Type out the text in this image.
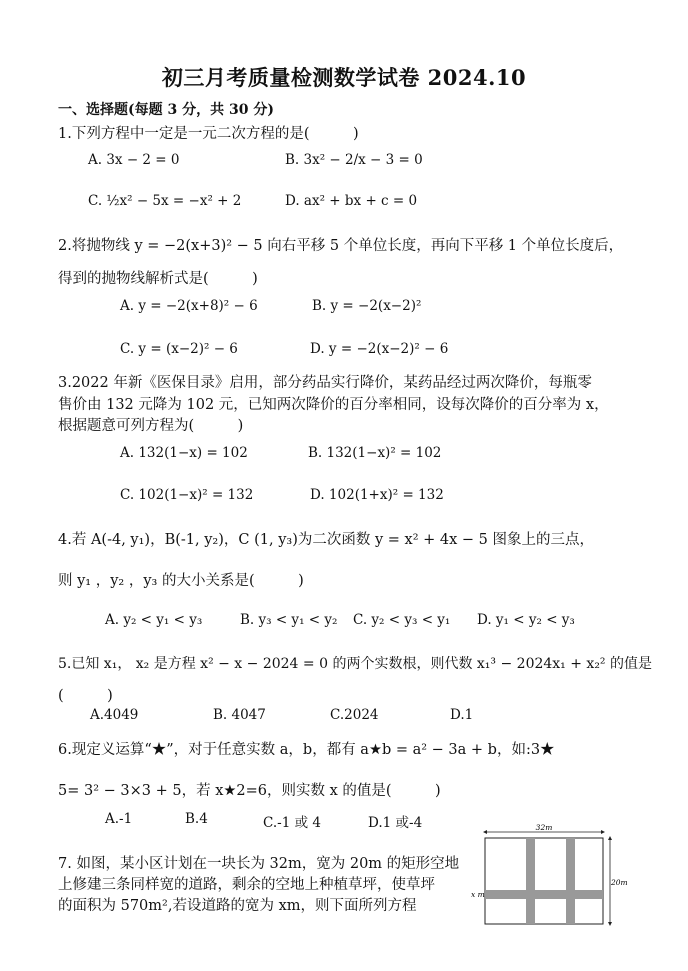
初三月考质量检测数学试卷 2024.10
一、选择题(每题 3 分，共 30 分)
1.下列方程中一定是一元二次方程的是(　　　)
A. 3x − 2 = 0	B. 3x² − 2/x − 3 = 0
C. ½x² − 5x = −x² + 2	D. ax² + bx + c = 0
2.将抛物线 y = −2(x+3)² − 5 向右平移 5 个单位长度，再向下平移 1 个单位长度后，
得到的抛物线解析式是(　　　)
A. y = −2(x+8)² − 6	B. y = −2(x−2)²
C. y = (x−2)² − 6	D. y = −2(x−2)² − 6
3.2022 年新《医保目录》启用，部分药品实行降价，某药品经过两次降价，每瓶零
售价由 132 元降为 102 元，已知两次降价的百分率相同，设每次降价的百分率为 x，
根据题意可列方程为(　　　)
A. 132(1−x) = 102	B. 132(1−x)² = 102
C. 102(1−x)² = 132	D. 102(1+x)² = 132
4.若 A(-4, y₁)，B(-1, y₂)，C (1, y₃)为二次函数 y = x² + 4x − 5 图象上的三点，
则 y₁ ，y₂ ，y₃ 的大小关系是(　　　)
A. y₂ < y₁ < y₃	B. y₃ < y₁ < y₂ C. y₂ < y₃ < y₁ D. y₁ < y₂ < y₃
5.已知 x₁， x₂ 是方程 x² − x − 2024 = 0 的两个实数根，则代数 x₁³ − 2024x₁ + x₂² 的值是
(　　　)
A.4049	B. 4047	C.2024	D.1
6.现定义运算“★”，对于任意实数 a，b，都有 a★b = a² − 3a + b，如:3★
5= 3² − 3×3 + 5，若 x★2=6，则实数 x 的值是(　　　)
A.-1	B.4	C.-1 或 4	D.1 或-4
7. 如图，某小区计划在一块长为 32m，宽为 20m 的矩形空地
上修建三条同样宽的道路，剩余的空地上种植草坪，使草坪
的面积为 570m²,若设道路的宽为 xm，则下面所列方程
32m
20m
x m
